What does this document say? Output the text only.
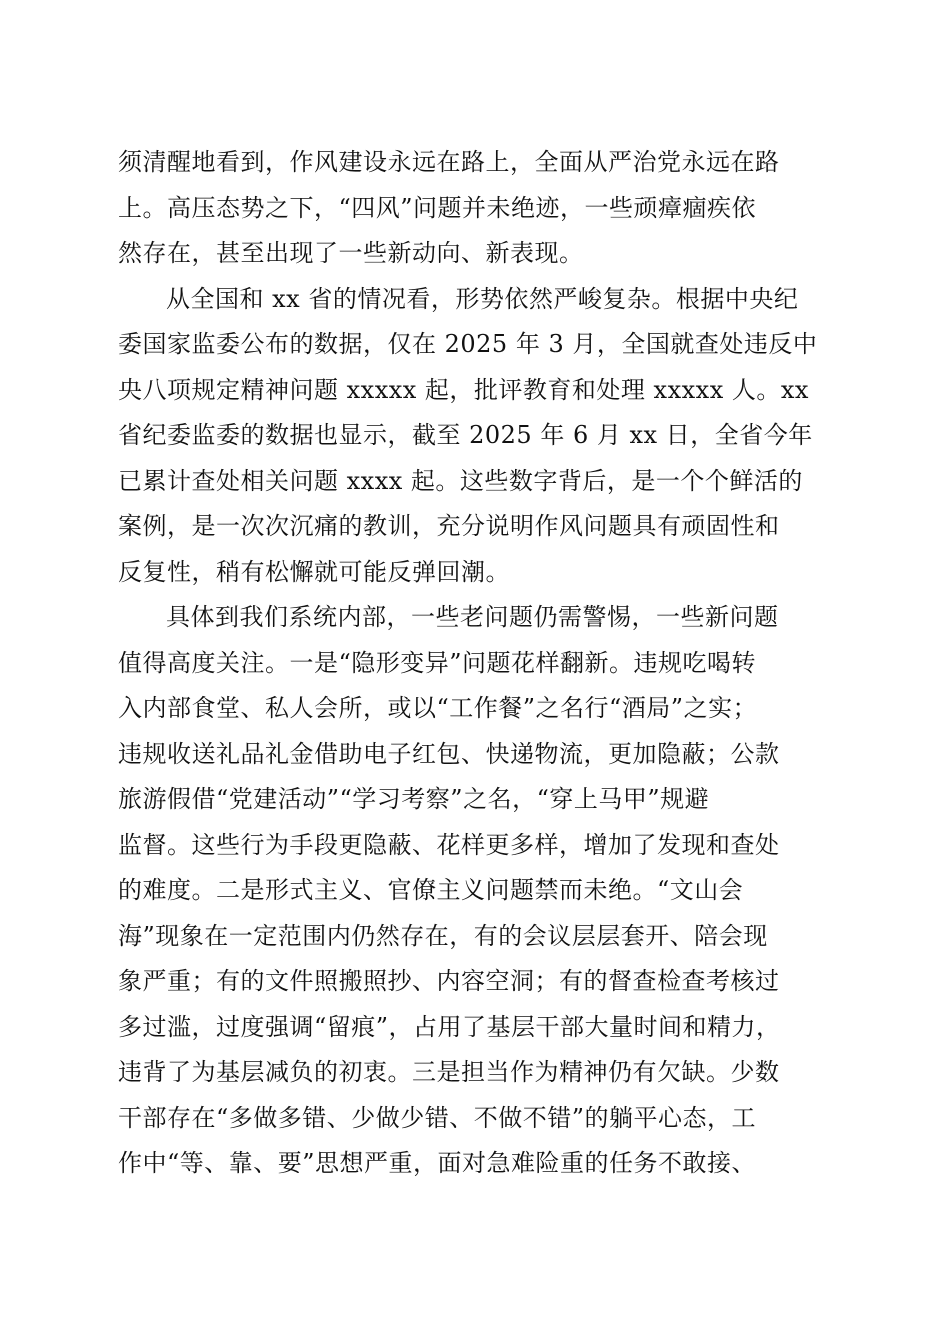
须清醒地看到，作风建设永远在路上，全面从严治党永远在路
上。高压态势之下，“四风”问题并未绝迹，一些顽瘴痼疾依
然存在，甚至出现了一些新动向、新表现。
从全国和 xx 省的情况看，形势依然严峻复杂。根据中央纪
委国家监委公布的数据，仅在 2025 年 3 月，全国就查处违反中
央八项规定精神问题 xxxxx 起，批评教育和处理 xxxxx 人。xx
省纪委监委的数据也显示，截至 2025 年 6 月 xx 日，全省今年
已累计查处相关问题 xxxx 起。这些数字背后，是一个个鲜活的
案例，是一次次沉痛的教训，充分说明作风问题具有顽固性和
反复性，稍有松懈就可能反弹回潮。
具体到我们系统内部，一些老问题仍需警惕，一些新问题
值得高度关注。一是“隐形变异”问题花样翻新。违规吃喝转
入内部食堂、私人会所，或以“工作餐”之名行“酒局”之实；
违规收送礼品礼金借助电子红包、快递物流，更加隐蔽；公款
旅游假借“党建活动”“学习考察”之名，“穿上马甲”规避
监督。这些行为手段更隐蔽、花样更多样，增加了发现和查处
的难度。二是形式主义、官僚主义问题禁而未绝。“文山会
海”现象在一定范围内仍然存在，有的会议层层套开、陪会现
象严重；有的文件照搬照抄、内容空洞；有的督查检查考核过
多过滥，过度强调“留痕”，占用了基层干部大量时间和精力，
违背了为基层减负的初衷。三是担当作为精神仍有欠缺。少数
干部存在“多做多错、少做少错、不做不错”的躺平心态，工
作中“等、靠、要”思想严重，面对急难险重的任务不敢接、
